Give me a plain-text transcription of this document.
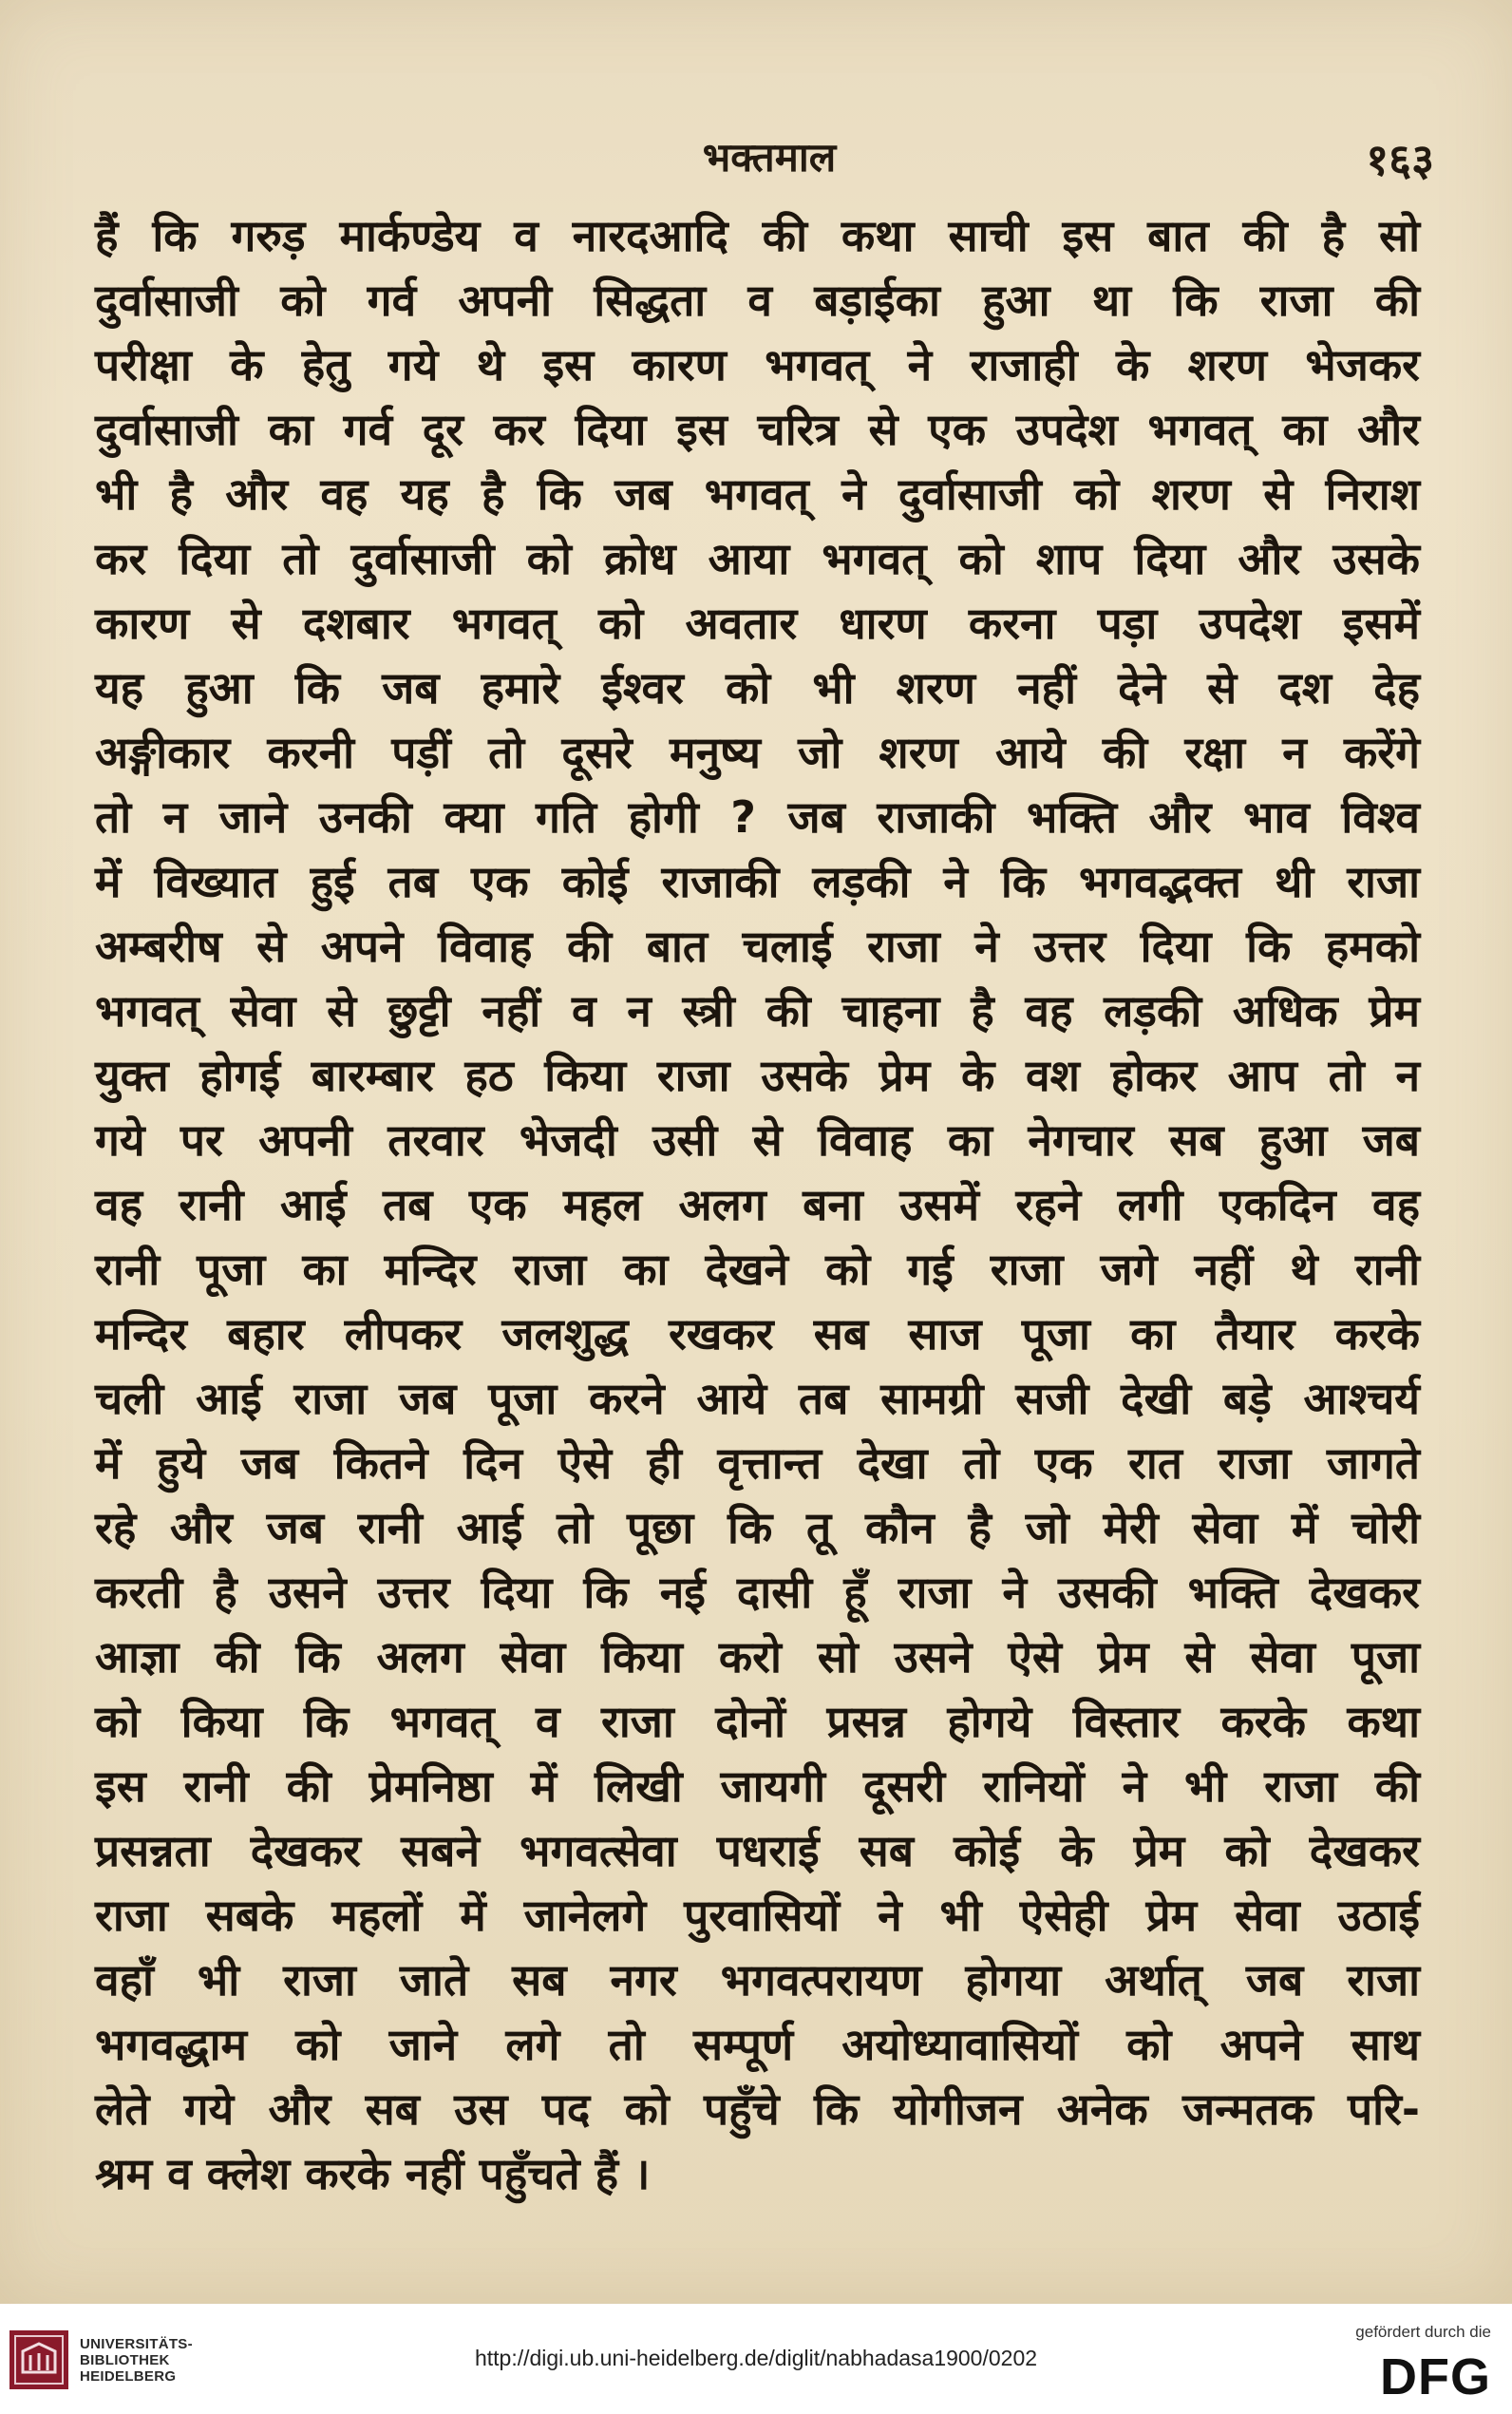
भक्तमाल	१६३
हैं कि गरुड़ मार्कण्डेय व नारदआदि की कथा साची इस बात की है सो
दुर्वासाजी को गर्व अपनी सिद्धता व बड़ाईका हुआ था कि राजा की
परीक्षा के हेतु गये थे इस कारण भगवत् ने राजाही के शरण भेजकर
दुर्वासाजी का गर्व दूर कर दिया इस चरित्र से एक उपदेश भगवत् का और
भी है और वह यह है कि जब भगवत् ने दुर्वासाजी को शरण से निराश
कर दिया तो दुर्वासाजी को क्रोध आया भगवत् को शाप दिया और उसके
कारण से दशबार भगवत् को अवतार धारण करना पड़ा उपदेश इसमें
यह हुआ कि जब हमारे ईश्वर को भी शरण नहीं देने से दश देह
अङ्गीकार करनी पड़ीं तो दूसरे मनुष्य जो शरण आये की रक्षा न करेंगे
तो न जाने उनकी क्या गति होगी ? जब राजाकी भक्ति और भाव विश्व
में विख्यात हुई तब एक कोई राजाकी लड़की ने कि भगवद्भक्त थी राजा
अम्बरीष से अपने विवाह की बात चलाई राजा ने उत्तर दिया कि हमको
भगवत् सेवा से छुट्टी नहीं व न स्त्री की चाहना है वह लड़की अधिक प्रेम
युक्त होगई बारम्बार हठ किया राजा उसके प्रेम के वश होकर आप तो न
गये पर अपनी तरवार भेजदी उसी से विवाह का नेगचार सब हुआ जब
वह रानी आई तब एक महल अलग बना उसमें रहने लगी एकदिन वह
रानी पूजा का मन्दिर राजा का देखने को गई राजा जगे नहीं थे रानी
मन्दिर बहार लीपकर जलशुद्ध रखकर सब साज पूजा का तैयार करके
चली आई राजा जब पूजा करने आये तब सामग्री सजी देखी बड़े आश्चर्य
में हुये जब कितने दिन ऐसे ही वृत्तान्त देखा तो एक रात राजा जागते
रहे और जब रानी आई तो पूछा कि तू कौन है जो मेरी सेवा में चोरी
करती है उसने उत्तर दिया कि नई दासी हूँ राजा ने उसकी भक्ति देखकर
आज्ञा की कि अलग सेवा किया करो सो उसने ऐसे प्रेम से सेवा पूजा
को किया कि भगवत् व राजा दोनों प्रसन्न होगये विस्तार करके कथा
इस रानी की प्रेमनिष्ठा में लिखी जायगी दूसरी रानियों ने भी राजा की
प्रसन्नता देखकर सबने भगवत्सेवा पधराई सब कोई के प्रेम को देखकर
राजा सबके महलों में जानेलगे पुरवासियों ने भी ऐसेही प्रेम सेवा उठाई
वहाँ भी राजा जाते सब नगर भगवत्परायण होगया अर्थात् जब राजा
भगवद्धाम को जाने लगे तो सम्पूर्ण अयोध्यावासियों को अपने साथ
लेते गये और सब उस पद को पहुँचे कि योगीजन अनेक जन्मतक परि-
श्रम व क्लेश करके नहीं पहुँचते हैं ।
UNIVERSITÄTS-
BIBLIOTHEK
HEIDELBERG
http://digi.ub.uni-heidelberg.de/diglit/nabhadasa1900/0202
gefördert durch die
DFG
